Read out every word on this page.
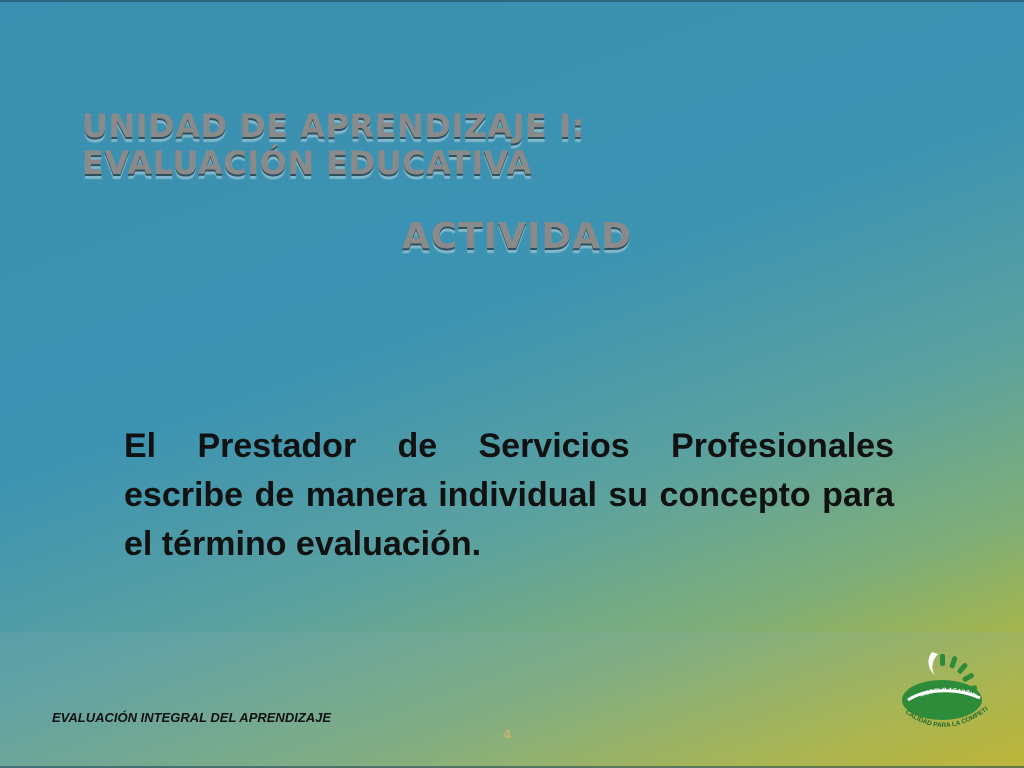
UNIDAD DE APRENDIZAJE I: EVALUACIÓN EDUCATIVA
ACTIVIDAD
El Prestador de Servicios Profesionales escribe de manera individual su concepto para el término evaluación.
EVALUACIÓN INTEGRAL DEL APRENDIZAJE
4
MODELO ACADÉMI
CALIDAD PARA LA COMPETI
